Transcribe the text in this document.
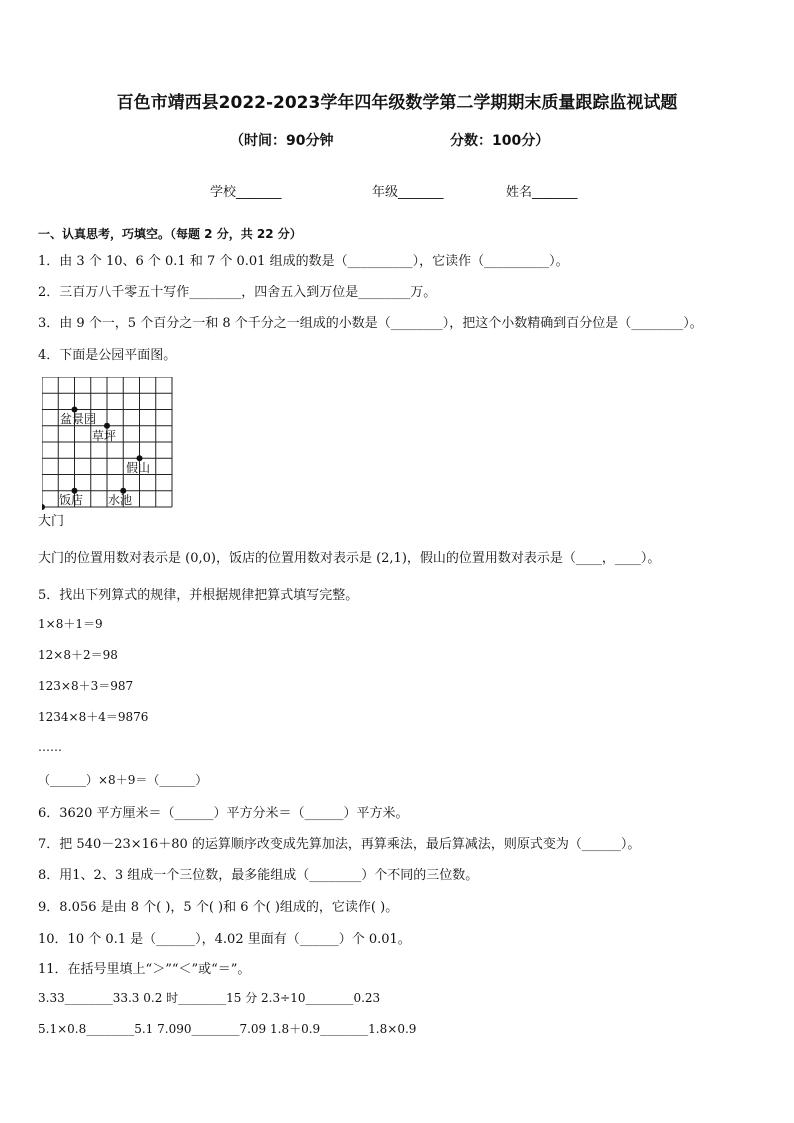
百色市靖西县2022-2023学年四年级数学第二学期期末质量跟踪监视试题
（时间：90分钟	分数：100分）
学校_______	年级_______	姓名_______
一、认真思考，巧填空。（每题 2 分，共 22 分）
1．由 3 个 10、6 个 0.1 和 7 个 0.01 组成的数是（__________），它读作（__________）。
2．三百万八千零五十写作________，四舍五入到万位是________万。
3．由 9 个一，5 个百分之一和 8 个千分之一组成的小数是（________），把这个小数精确到百分位是（________）。
4．下面是公园平面图。
盆景园
草坪
假山
饭店 水池
大门
大门的位置用数对表示是 (0,0)，饭店的位置用数对表示是 (2,1)，假山的位置用数对表示是（____，____）。
5．找出下列算式的规律，并根据规律把算式填写完整。
1×8＋1＝9
12×8＋2＝98
123×8＋3＝987
1234×8＋4＝9876
……
（______）×8＋9＝（______）
6．3620 平方厘米＝（______）平方分米＝（______）平方米。
7．把 540－23×16＋80 的运算顺序改变成先算加法，再算乘法，最后算减法，则原式变为（______）。
8．用1、2、3 组成一个三位数，最多能组成（________）个不同的三位数。
9．8.056 是由 8 个( )，5 个( )和 6 个( )组成的，它读作( )。
10．10 个 0.1 是（______），4.02 里面有（______）个 0.01。
11．在括号里填上“＞”“＜”或“＝”。
3.33________33.3 0.2 时________15 分 2.3÷10________0.23
5.1×0.8________5.1 7.090________7.09 1.8＋0.9________1.8×0.9
